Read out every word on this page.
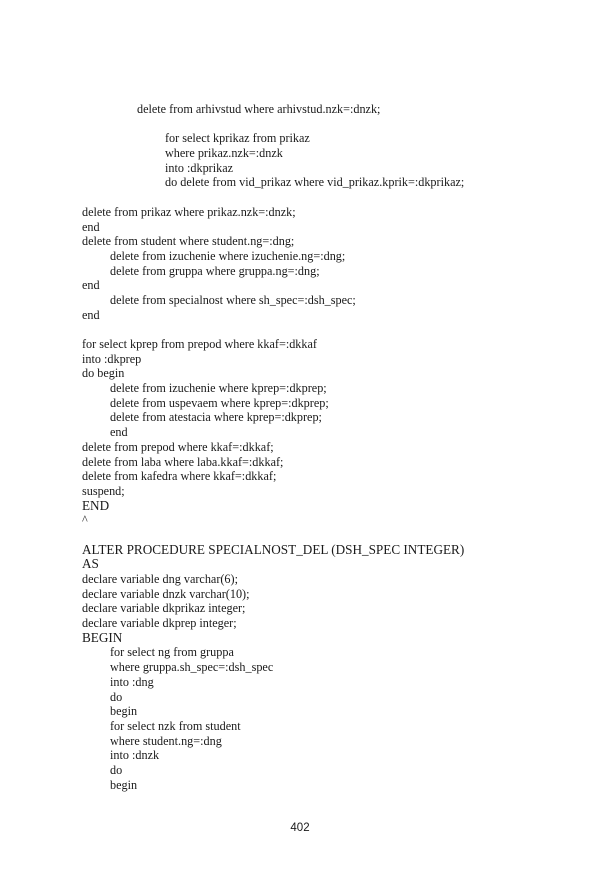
delete from arhivstud where arhivstud.nzk=:dnzk;
for select kprikaz from prikaz
where prikaz.nzk=:dnzk
into :dkprikaz
do delete from vid_prikaz where vid_prikaz.kprik=:dkprikaz;
delete from prikaz where prikaz.nzk=:dnzk;
end
delete from student where student.ng=:dng;
delete from izuchenie where izuchenie.ng=:dng;
delete from gruppa where gruppa.ng=:dng;
end
delete from specialnost where sh_spec=:dsh_spec;
end
for select kprep from prepod where kkaf=:dkkaf
into :dkprep
do begin
delete from izuchenie where kprep=:dkprep;
delete from uspevaem where kprep=:dkprep;
delete from atestacia where kprep=:dkprep;
end
delete from prepod where kkaf=:dkkaf;
delete from laba where laba.kkaf=:dkkaf;
delete from kafedra where kkaf=:dkkaf;
suspend;
END
^
ALTER PROCEDURE SPECIALNOST_DEL (DSH_SPEC INTEGER)
AS
declare variable dng varchar(6);
declare variable dnzk varchar(10);
declare variable dkprikaz integer;
declare variable dkprep integer;
BEGIN
for select ng from gruppa
where gruppa.sh_spec=:dsh_spec
into :dng
do
begin
for select nzk from student
where student.ng=:dng
into :dnzk
do
begin
402
